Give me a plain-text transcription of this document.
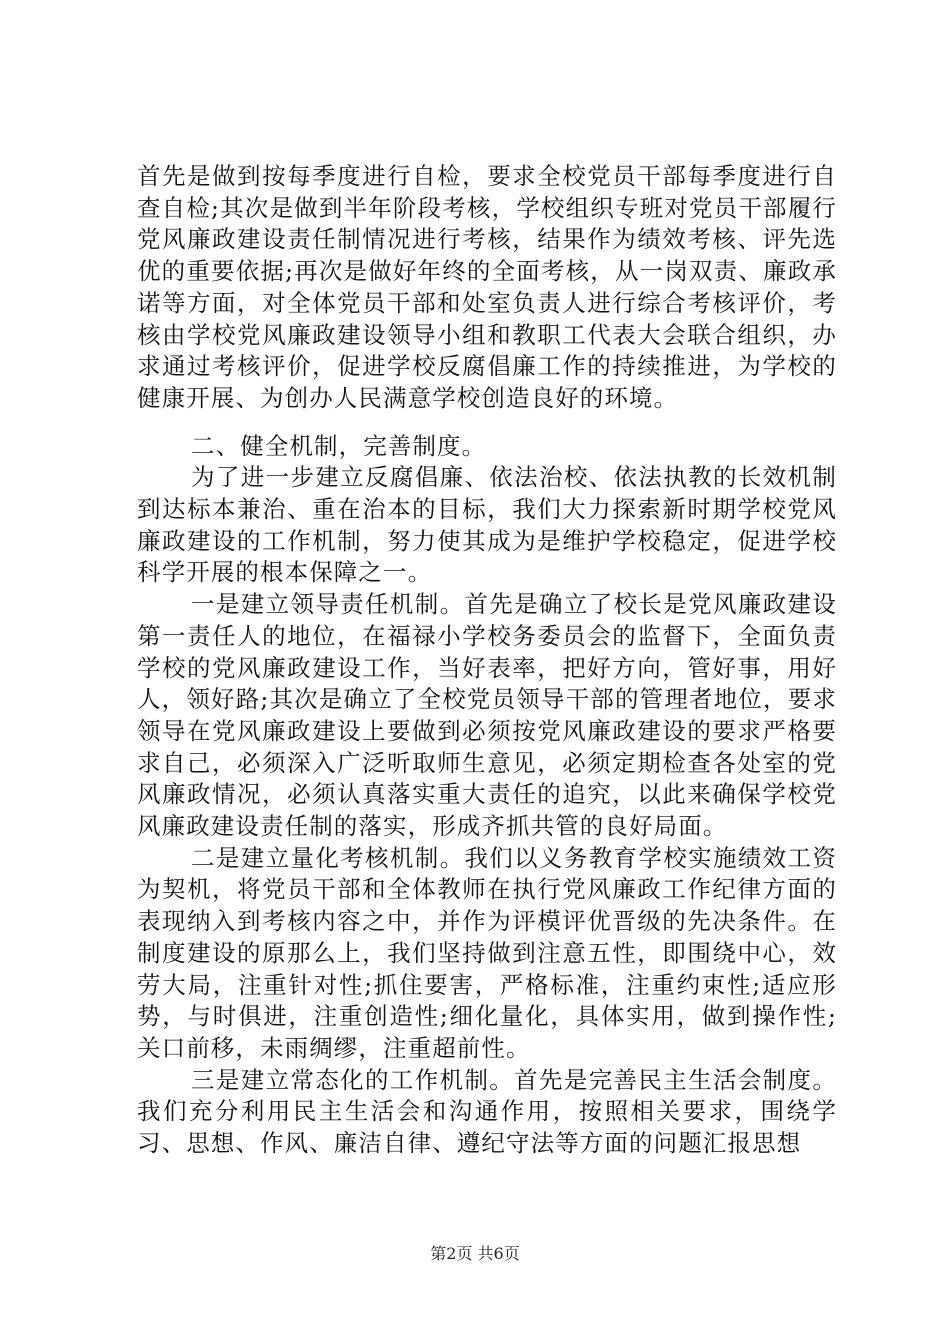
首先是做到按每季度进行自检，要求全校党员干部每季度进行自查自检;其次是做到半年阶段考核，学校组织专班对党员干部履行党风廉政建设责任制情况进行考核，结果作为绩效考核、评先选优的重要依据;再次是做好年终的全面考核，从一岗双责、廉政承诺等方面，对全体党员干部和处室负责人进行综合考核评价，考核由学校党风廉政建设领导小组和教职工代表大会联合组织，办求通过考核评价，促进学校反腐倡廉工作的持续推进，为学校的健康开展、为创办人民满意学校创造良好的环境。

二、健全机制，完善制度。

为了进一步建立反腐倡廉、依法治校、依法执教的长效机制到达标本兼治、重在治本的目标，我们大力探索新时期学校党风廉政建设的工作机制，努力使其成为是维护学校稳定，促进学校科学开展的根本保障之一。

一是建立领导责任机制。首先是确立了校长是党风廉政建设第一责任人的地位，在福禄小学校务委员会的监督下，全面负责学校的党风廉政建设工作，当好表率，把好方向，管好事，用好人，领好路;其次是确立了全校党员领导干部的管理者地位，要求领导在党风廉政建设上要做到必须按党风廉政建设的要求严格要求自己，必须深入广泛听取师生意见，必须定期检查各处室的党风廉政情况，必须认真落实重大责任的追究，以此来确保学校党风廉政建设责任制的落实，形成齐抓共管的良好局面。

二是建立量化考核机制。我们以义务教育学校实施绩效工资为契机，将党员干部和全体教师在执行党风廉政工作纪律方面的表现纳入到考核内容之中，并作为评模评优晋级的先决条件。在制度建设的原那么上，我们坚持做到注意五性，即围绕中心，效劳大局，注重针对性;抓住要害，严格标准，注重约束性;适应形势，与时俱进，注重创造性;细化量化，具体实用，做到操作性;关口前移，未雨绸缪，注重超前性。

三是建立常态化的工作机制。首先是完善民主生活会制度。我们充分利用民主生活会和沟通作用，按照相关要求，围绕学习、思想、作风、廉洁自律、遵纪守法等方面的问题汇报思想

第2页 共6页
